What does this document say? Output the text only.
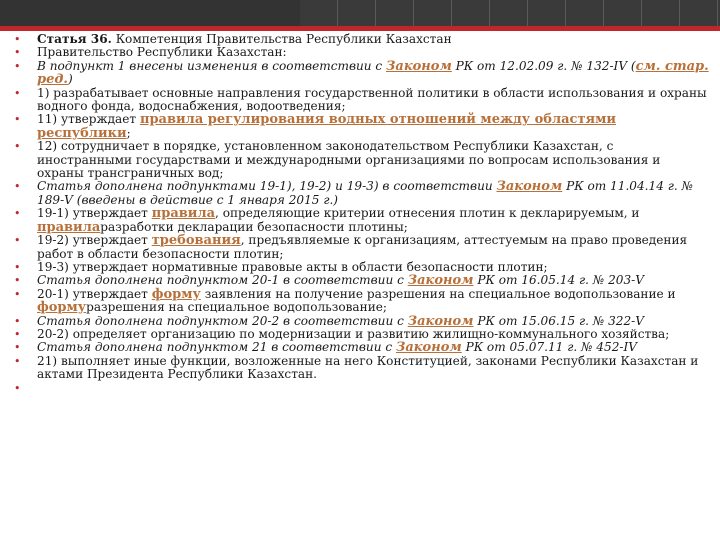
• Статья 36. Компетенция Правительства Республики Казахстан
• Правительство Республики Казахстан:
• В подпункт 1 внесены изменения в соответствии с Законом РК от 12.02.09 г. № 132-IV (см. стар. ред.)
• 1) разрабатывает основные направления государственной политики в области использования и охраны водного фонда, водоснабжения, водоотведения;
• 11) утверждает правила регулирования водных отношений между областями республики;
• 12) сотрудничает в порядке, установленном законодательством Республики Казахстан, с иностранными государствами и международными организациями по вопросам использования и охраны трансграничных вод;
• Статья дополнена подпунктами 19-1), 19-2) и 19-3) в соответствии Законом РК от 11.04.14 г. № 189-V (введены в действие с 1 января 2015 г.)
• 19-1) утверждает правила, определяющие критерии отнесения плотин к декларируемым, и правиларазработки декларации безопасности плотины;
• 19-2) утверждает требования, предъявляемые к организациям, аттестуемым на право проведения работ в области безопасности плотин;
• 19-3) утверждает нормативные правовые акты в области безопасности плотин;
• Статья дополнена подпунктом 20-1 в соответствии с Законом РК от 16.05.14 г. № 203-V
• 20-1) утверждает форму заявления на получение разрешения на специальное водопользование и формуразрешения на специальное водопользование;
• Статья дополнена подпунктом 20-2 в соответствии с Законом РК от 15.06.15 г. № 322-V
• 20-2) определяет организацию по модернизации и развитию жилищно-коммунального хозяйства;
• Статья дополнена подпунктом 21 в соответствии с Законом РК от 05.07.11 г. № 452-IV
• 21) выполняет иные функции, возложенные на него Конституцией, законами Республики Казахстан и актами Президента Республики Казахстан.
